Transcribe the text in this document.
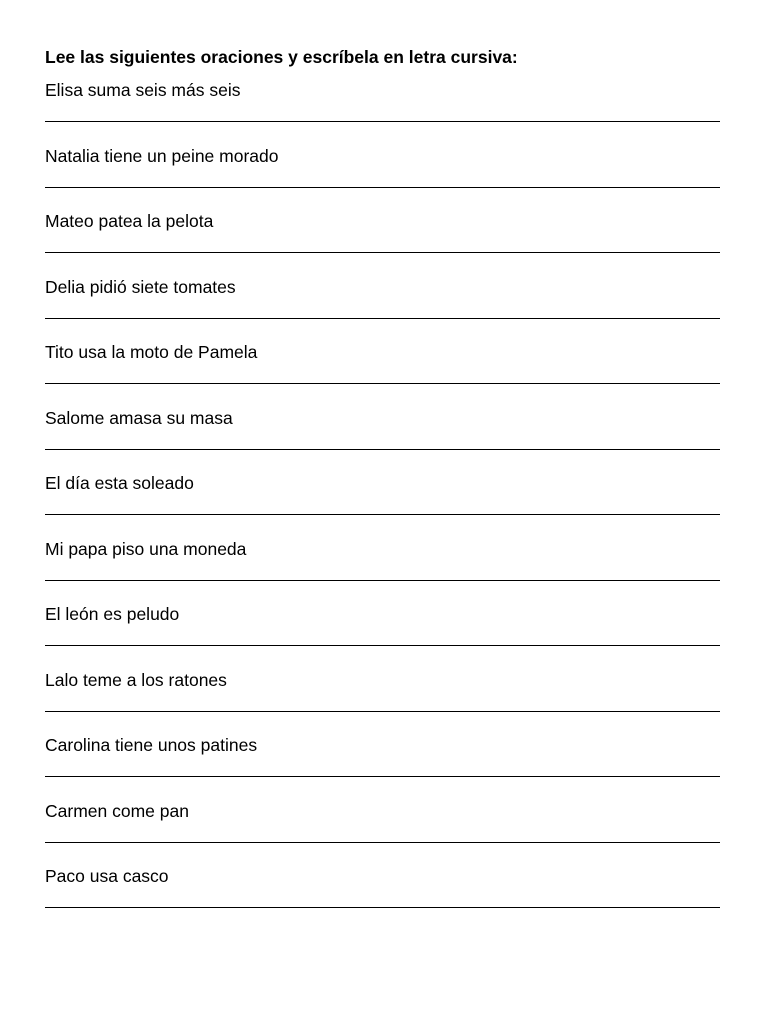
Lee las siguientes oraciones y escríbela en letra cursiva:
Elisa suma seis más seis
Natalia tiene un peine morado
Mateo patea la pelota
Delia pidió siete tomates
Tito usa la moto de Pamela
Salome amasa su masa
El día esta soleado
Mi papa piso una moneda
El león es peludo
Lalo teme a los ratones
Carolina tiene unos patines
Carmen come pan
Paco usa casco
